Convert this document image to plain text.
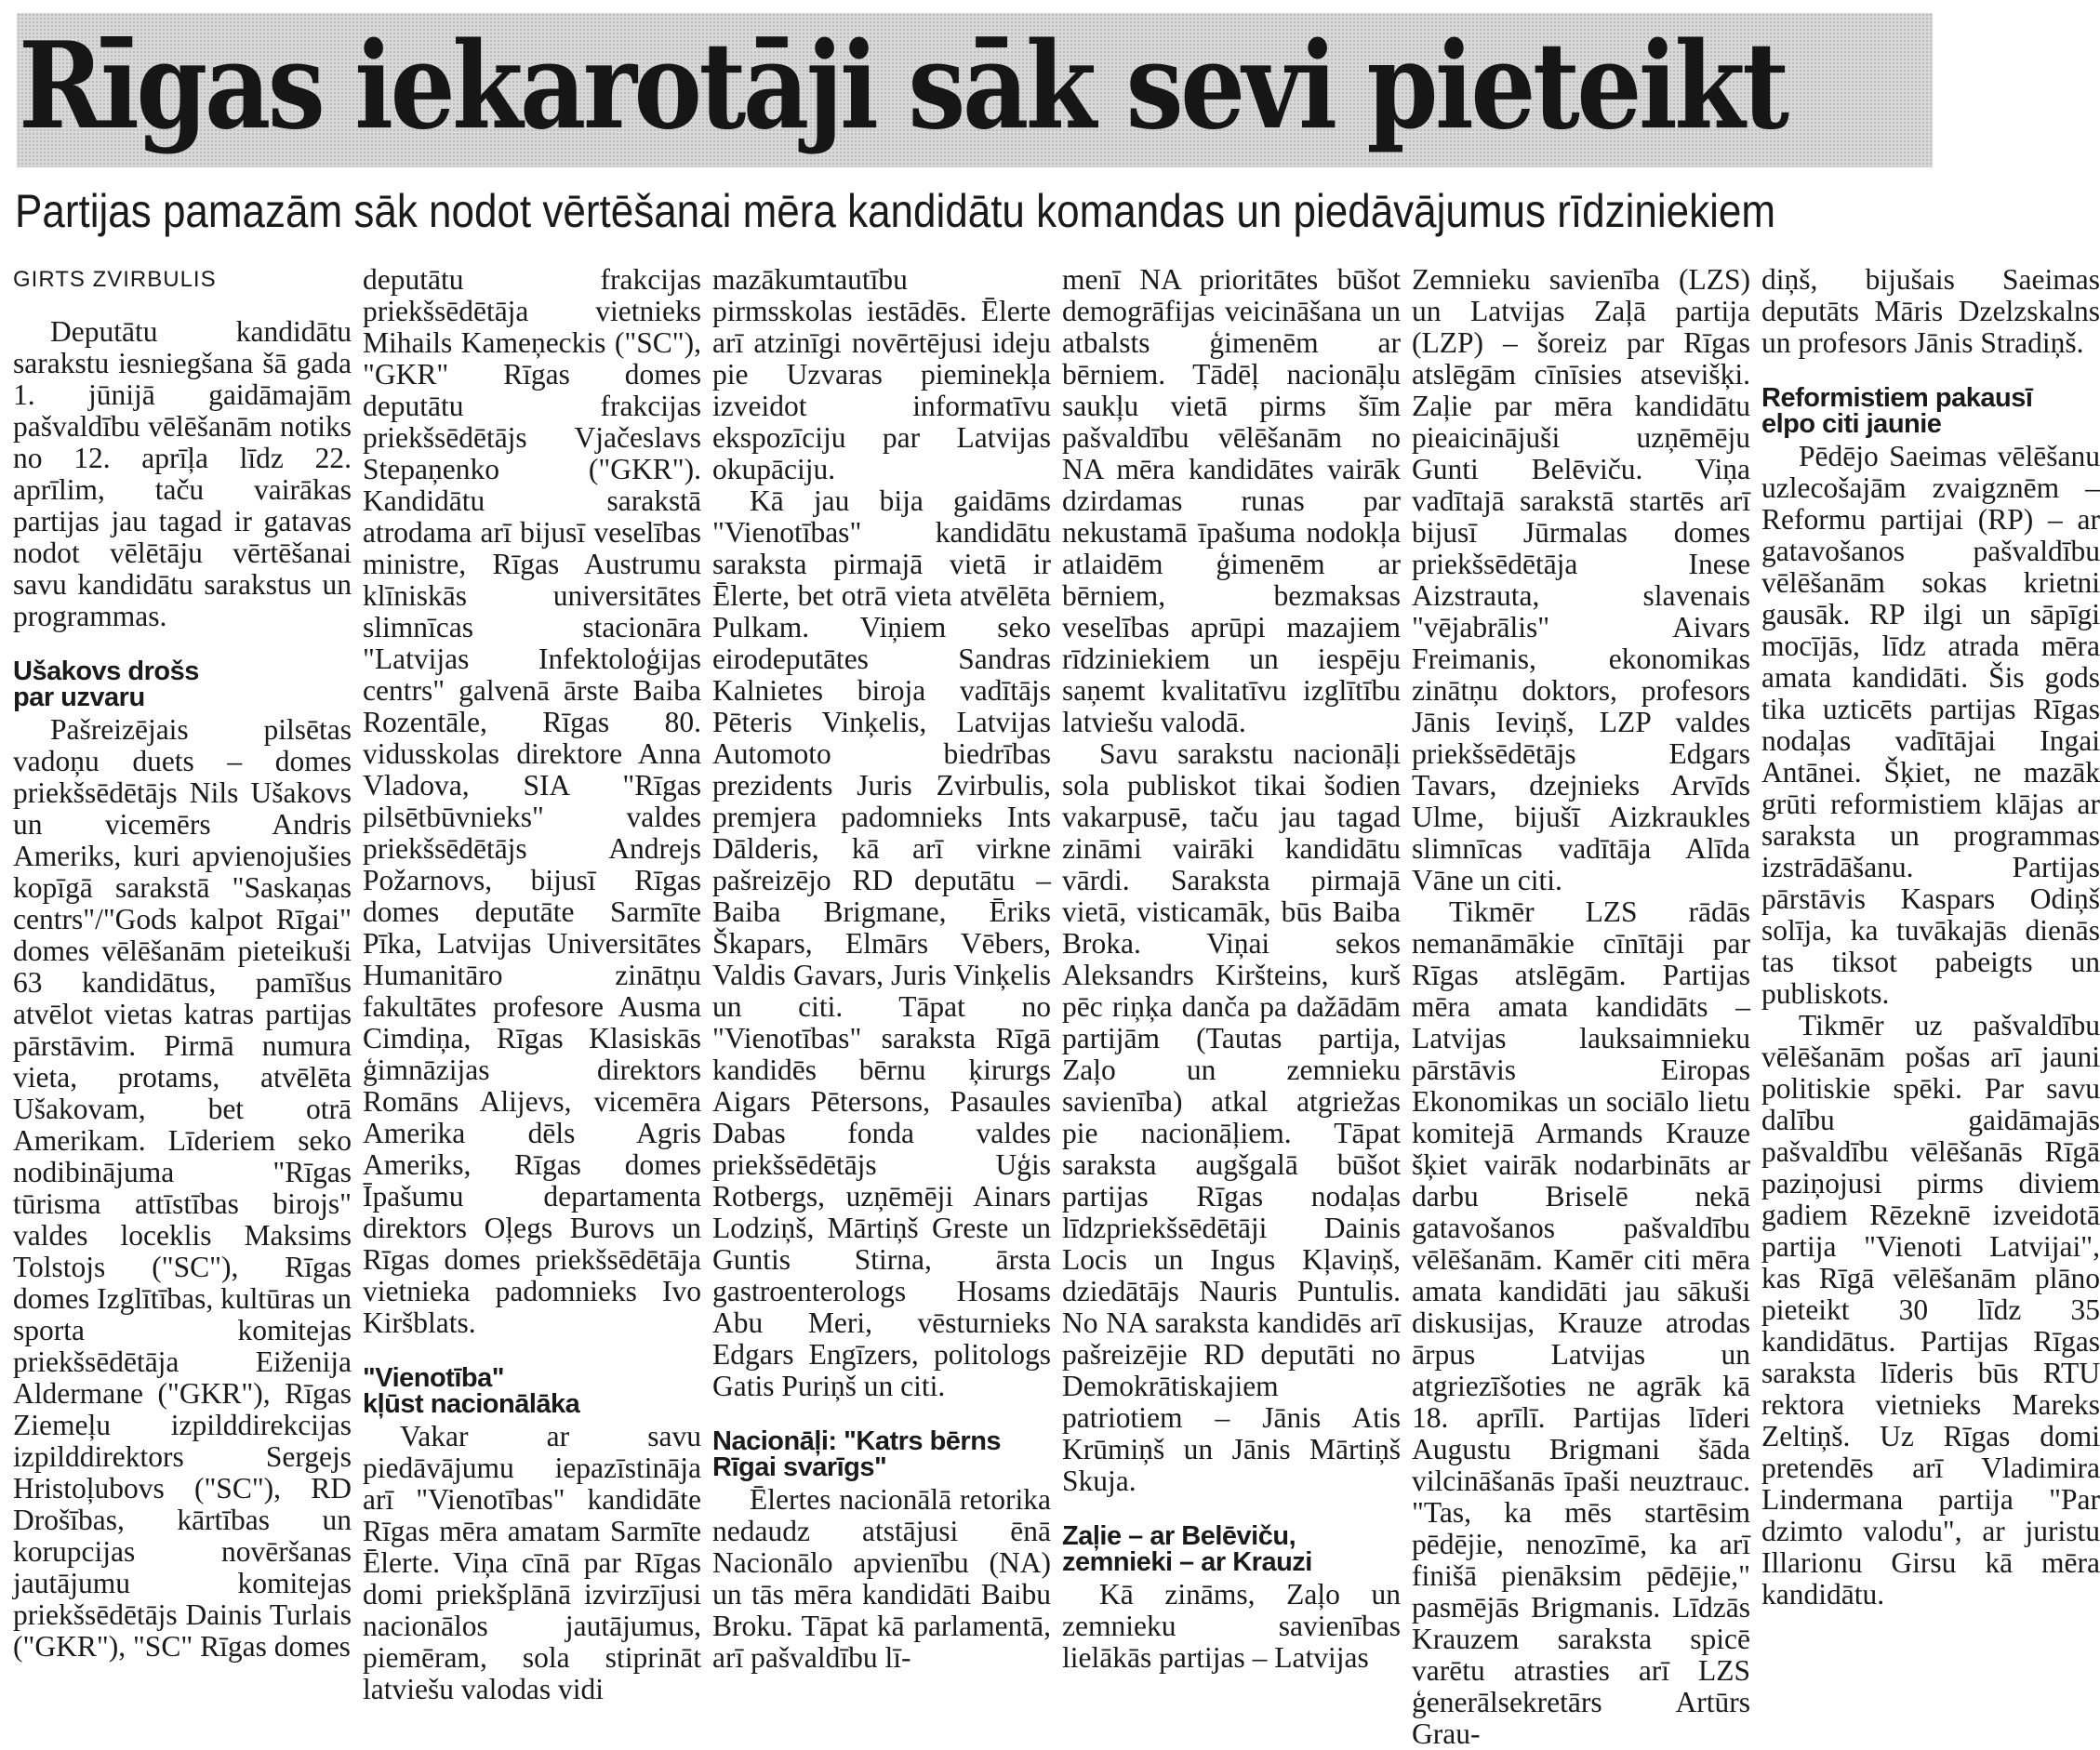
Rīgas iekarotāji sāk sevi pieteikt
Partijas pamazām sāk nodot vērtēšanai mēra kandidātu komandas un piedāvājumus rīdziniekiem
GIRTS ZVIRBULIS

Deputātu kandidātu sarakstu iesniegšana šā gada 1. jūnijā gaidāmajām pašvaldību vēlēšanām notiks no 12. aprīļa līdz 22. aprīlim, taču vairākas partijas jau tagad ir gatavas nodot vēlētāju vērtēšanai savu kandidātu sarakstus un programmas.

Ušakovs drošs
par uzvaru

Pašreizējais pilsētas vadoņu duets – domes priekšsēdētājs Nils Ušakovs un vicemērs Andris Ameriks, kuri apvienojušies kopīgā sarakstā "Saskaņas centrs"/"Gods kalpot Rīgai" domes vēlēšanām pieteikuši 63 kandidātus, pamīšus atvēlot vietas katras partijas pārstāvim. Pirmā numura vieta, protams, atvēlēta Ušakovam, bet otrā Amerikam. Līderiem seko nodibinājuma "Rīgas tūrisma attīstības birojs" valdes loceklis Maksims Tolstojs ("SC"), Rīgas domes Izglītības, kultūras un sporta komitejas priekšsēdētāja Eiženija Aldermane ("GKR"), Rīgas Ziemeļu izpilddirekcijas izpilddirektors Sergejs Hristoļubovs ("SC"), RD Drošības, kārtības un korupcijas novēršanas jautājumu komitejas priekšsēdētājs Dainis Turlais ("GKR"), "SC" Rīgas domes

deputātu frakcijas priekšsēdētāja vietnieks Mihails Kameņeckis ("SC"), "GKR" Rīgas domes deputātu frakcijas priekšsēdētājs Vjačeslavs Stepaņenko ("GKR"). Kandidātu sarakstā atrodama arī bijusī veselības ministre, Rīgas Austrumu klīniskās universitātes slimnīcas stacionāra "Latvijas Infektoloģijas centrs" galvenā ārste Baiba Rozentāle, Rīgas 80. vidusskolas direktore Anna Vladova, SIA "Rīgas pilsētbūvnieks" valdes priekšsēdētājs Andrejs Požarnovs, bijusī Rīgas domes deputāte Sarmīte Pīka, Latvijas Universitātes Humanitāro zinātņu fakultātes profesore Ausma Cimdiņa, Rīgas Klasiskās ģimnāzijas direktors Romāns Alijevs, vicemēra Amerika dēls Agris Ameriks, Rīgas domes Īpašumu departamenta direktors Oļegs Burovs un Rīgas domes priekšsēdētāja vietnieka padomnieks Ivo Kiršblats.

"Vienotība"
kļūst nacionālāka

Vakar ar savu piedāvājumu iepazīstināja arī "Vienotības" kandidāte Rīgas mēra amatam Sarmīte Ēlerte. Viņa cīnā par Rīgas domi priekšplānā izvirzījusi nacionālos jautājumus, piemēram, sola stiprināt latviešu valodas vidi

mazākumtautību pirmsskolas iestādēs. Ēlerte arī atzinīgi novērtējusi ideju pie Uzvaras pieminekļa izveidot informatīvu ekspozīciju par Latvijas okupāciju.

Kā jau bija gaidāms "Vienotības" kandidātu saraksta pirmajā vietā ir Ēlerte, bet otrā vieta atvēlēta Pulkam. Viņiem seko eirodeputātes Sandras Kalnietes biroja vadītājs Pēteris Vinķelis, Latvijas Automoto biedrības prezidents Juris Zvirbulis, premjera padomnieks Ints Dālderis, kā arī virkne pašreizējo RD deputātu – Baiba Brigmane, Ēriks Škapars, Elmārs Vēbers, Valdis Gavars, Juris Vinķelis un citi. Tāpat no "Vienotības" saraksta Rīgā kandidēs bērnu ķirurgs Aigars Pētersons, Pasaules Dabas fonda valdes priekšsēdētājs Uģis Rotbergs, uzņēmēji Ainars Lodziņš, Mārtiņš Greste un Guntis Stirna, ārsta gastroenterologs Hosams Abu Meri, vēsturnieks Edgars Engīzers, politologs Gatis Puriņš un citi.

Nacionāļi: "Katrs bērns
Rīgai svarīgs"

Ēlertes nacionālā retorika nedaudz atstājusi ēnā Nacionālo apvienību (NA) un tās mēra kandidāti Baibu Broku. Tāpat kā parlamentā, arī pašvaldību lī-

menī NA prioritātes būšot demogrāfijas veicināšana un atbalsts ģimenēm ar bērniem. Tādēļ nacionāļu saukļu vietā pirms šīm pašvaldību vēlēšanām no NA mēra kandidātes vairāk dzirdamas runas par nekustamā īpašuma nodokļa atlaidēm ģimenēm ar bērniem, bezmaksas veselības aprūpi mazajiem rīdziniekiem un iespēju saņemt kvalitatīvu izglītību latviešu valodā.

Savu sarakstu nacionāļi sola publiskot tikai šodien vakarpusē, taču jau tagad zināmi vairāki kandidātu vārdi. Saraksta pirmajā vietā, visticamāk, būs Baiba Broka. Viņai sekos Aleksandrs Kiršteins, kurš pēc riņķa danča pa dažādām partijām (Tautas partija, Zaļo un zemnieku savienība) atkal atgriežas pie nacionāļiem. Tāpat saraksta augšgalā būšot partijas Rīgas nodaļas līdzpriekšsēdētāji Dainis Locis un Ingus Kļaviņš, dziedātājs Nauris Puntulis. No NA saraksta kandidēs arī pašreizējie RD deputāti no Demokrātiskajiem patriotiem – Jānis Atis Krūmiņš un Jānis Mārtiņš Skuja.

Zaļie – ar Belēviču,
zemnieki – ar Krauzi

Kā zināms, Zaļo un zemnieku savienības lielākās partijas – Latvijas

Zemnieku savienība (LZS) un Latvijas Zaļā partija (LZP) – šoreiz par Rīgas atslēgām cīnīsies atsevišķi. Zaļie par mēra kandidātu pieaicinājuši uzņēmēju Gunti Belēviču. Viņa vadītajā sarakstā startēs arī bijusī Jūrmalas domes priekšsēdētāja Inese Aizstrauta, slavenais "vējabrālis" Aivars Freimanis, ekonomikas zinātņu doktors, profesors Jānis Ieviņš, LZP valdes priekšsēdētājs Edgars Tavars, dzejnieks Arvīds Ulme, bijušī Aizkraukles slimnīcas vadītāja Alīda Vāne un citi.

Tikmēr LZS rādās nemanāmākie cīnītāji par Rīgas atslēgām. Partijas mēra amata kandidāts – Latvijas lauksaimnieku pārstāvis Eiropas Ekonomikas un sociālo lietu komitejā Armands Krauze šķiet vairāk nodarbināts ar darbu Briselē nekā gatavošanos pašvaldību vēlēšanām. Kamēr citi mēra amata kandidāti jau sākuši diskusijas, Krauze atrodas ārpus Latvijas un atgriezīšoties ne agrāk kā 18. aprīlī. Partijas līderi Augustu Brigmani šāda vilcināšanās īpaši neuztrauc. "Tas, ka mēs startēsim pēdējie, nenozīmē, ka arī finišā pienāksim pēdējie," pasmējās Brigmanis. Līdzās Krauzem saraksta spicē varētu atrasties arī LZS ģenerālsekretārs Artūrs Grau-

diņš, bijušais Saeimas deputāts Māris Dzelzskalns un profesors Jānis Stradiņš.

Reformistiem pakausī
elpo citi jaunie

Pēdējo Saeimas vēlēšanu uzlecošajām zvaigznēm – Reformu partijai (RP) – ar gatavošanos pašvaldību vēlēšanām sokas krietni gausāk. RP ilgi un sāpīgi mocījās, līdz atrada mēra amata kandidāti. Šis gods tika uzticēts partijas Rīgas nodaļas vadītājai Ingai Antānei. Šķiet, ne mazāk grūti reformistiem klājas ar saraksta un programmas izstrādāšanu. Partijas pārstāvis Kaspars Odiņš solīja, ka tuvākajās dienās tas tiksot pabeigts un publiskots.

Tikmēr uz pašvaldību vēlēšanām pošas arī jauni politiskie spēki. Par savu dalību gaidāmajās pašvaldību vēlēšanās Rīgā paziņojusi pirms diviem gadiem Rēzeknē izveidotā partija "Vienoti Latvijai", kas Rīgā vēlēšanām plāno pieteikt 30 līdz 35 kandidātus. Partijas Rīgas saraksta līderis būs RTU rektora vietnieks Mareks Zeltiņš. Uz Rīgas domi pretendēs arī Vladimira Lindermana partija "Par dzimto valodu", ar juristu Illarionu Girsu kā mēra kandidātu.
